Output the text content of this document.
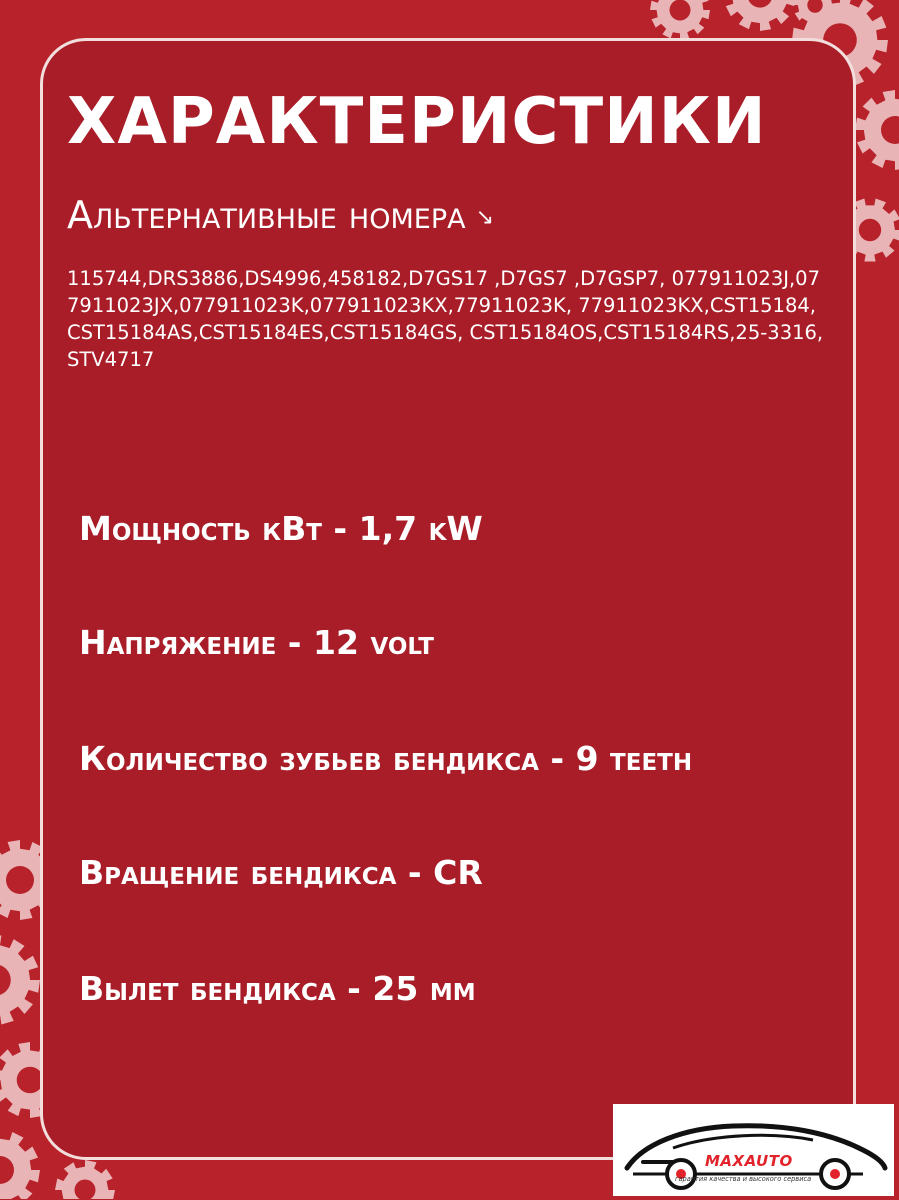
ХАРАКТЕРИСТИКИ
Альтернативные номера ↘
115744,DRS3886,DS4996,458182,D7GS17 ,D7GS7 ,D7GSP7, 077911023J,077911023JX,077911023K,077911023KX,77911023K, 77911023KX,CST15184,CST15184AS,CST15184ES,CST15184GS, CST15184OS,CST15184RS,25-3316,STV4717
Мощность кВт - 1,7 kW
Напряжение - 12 volt
Количество зубьев бендикса - 9 teeth
Вращение бендикса - CR
Вылет бендикса - 25 мм
MAXAUTO
гарантия качества и высокого сервиса
